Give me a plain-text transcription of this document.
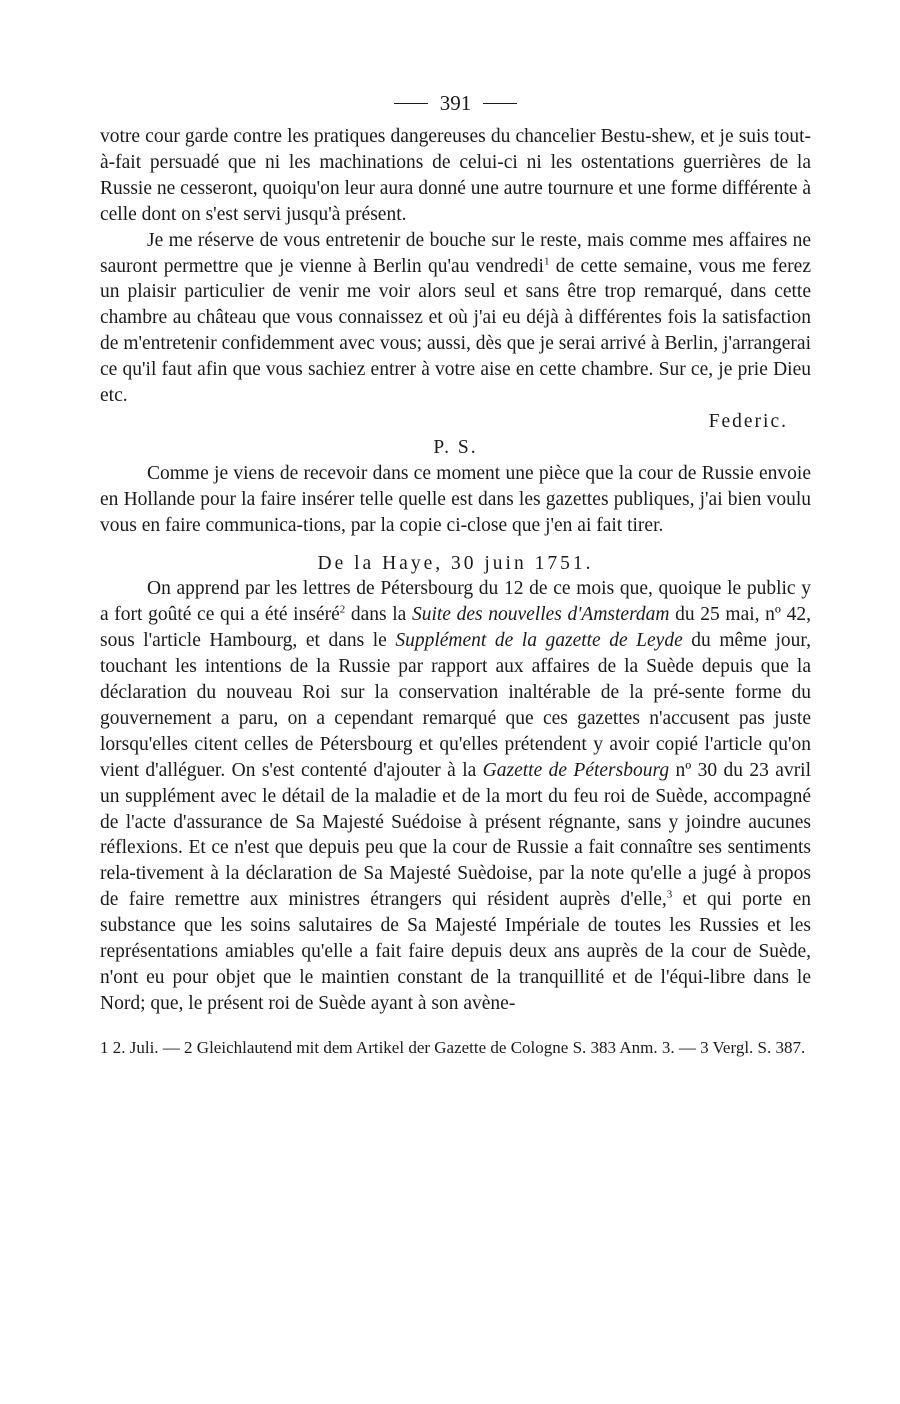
391

votre cour garde contre les pratiques dangereuses du chancelier Bestu-shew, et je suis tout-à-fait persuadé que ni les machinations de celui-ci ni les ostentations guerrières de la Russie ne cesseront, quoiqu'on leur aura donné une autre tournure et une forme différente à celle dont on s'est servi jusqu'à présent.

Je me réserve de vous entretenir de bouche sur le reste, mais comme mes affaires ne sauront permettre que je vienne à Berlin qu'au vendredi$^1$ de cette semaine, vous me ferez un plaisir particulier de venir me voir alors seul et sans être trop remarqué, dans cette chambre au château que vous connaissez et où j'ai eu déjà à différentes fois la satisfaction de m'entretenir confidemment avec vous; aussi, dès que je serai arrivé à Berlin, j'arrangerai ce qu'il faut afin que vous sachiez entrer à votre aise en cette chambre. Sur ce, je prie Dieu etc.

Federic.
P. S.

Comme je viens de recevoir dans ce moment une pièce que la cour de Russie envoie en Hollande pour la faire insérer telle quelle est dans les gazettes publiques, j'ai bien voulu vous en faire communica-tions, par la copie ci-close que j'en ai fait tirer.

De la Haye, 30 juin 1751.

On apprend par les lettres de Pétersbourg du 12 de ce mois que, quoique le public y a fort goûté ce qui a été inséré$^2$ dans la Suite des nouvelles d'Amsterdam du 25 mai, nº 42, sous l'article Hambourg, et dans le Supplément de la gazette de Leyde du même jour, touchant les intentions de la Russie par rapport aux affaires de la Suède depuis que la déclaration du nouveau Roi sur la conservation inaltérable de la pré-sente forme du gouvernement a paru, on a cependant remarqué que ces gazettes n'accusent pas juste lorsqu'elles citent celles de Pétersbourg et qu'elles prétendent y avoir copié l'article qu'on vient d'alléguer. On s'est contenté d'ajouter à la Gazette de Pétersbourg nº 30 du 23 avril un supplément avec le détail de la maladie et de la mort du feu roi de Suède, accompagné de l'acte d'assurance de Sa Majesté Suédoise à présent régnante, sans y joindre aucunes réflexions. Et ce n'est que depuis peu que la cour de Russie a fait connaître ses sentiments rela-tivement à la déclaration de Sa Majesté Suèdoise, par la note qu'elle a jugé à propos de faire remettre aux ministres étrangers qui résident auprès d'elle,$^3$ et qui porte en substance que les soins salutaires de Sa Majesté Impériale de toutes les Russies et les représentations amiables qu'elle a fait faire depuis deux ans auprès de la cour de Suède, n'ont eu pour objet que le maintien constant de la tranquillité et de l'équi-libre dans le Nord; que, le présent roi de Suède ayant à son avène-

1 2. Juli. — 2 Gleichlautend mit dem Artikel der Gazette de Cologne S. 383 Anm. 3. — 3 Vergl. S. 387.
